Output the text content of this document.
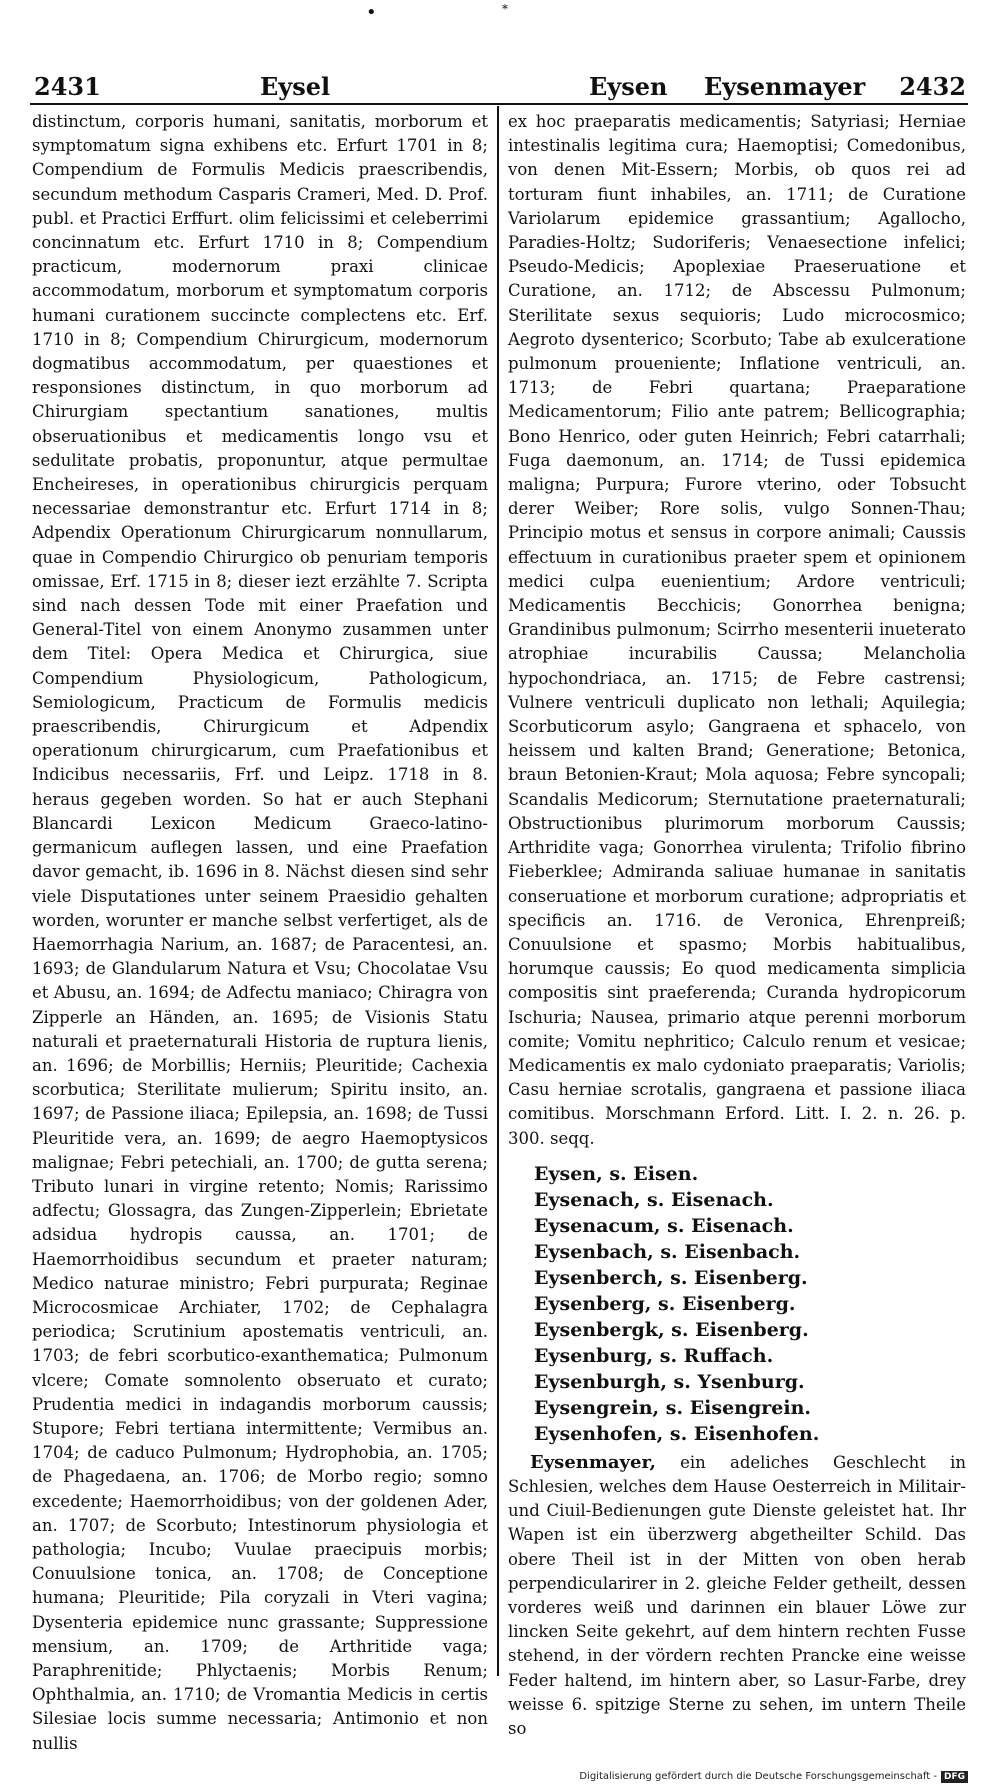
•	*
2431	Eysel	Eysen Eysenmayer 2432

distinctum, corporis humani, sanitatis, morborum et symptomatum signa exhibens etc. Erfurt 1701 in 8; Compendium de Formulis Medicis praescribendis, secundum methodum Casparis Crameri, Med. D. Prof. publ. et Practici Erffurt. olim felicissimi et celeberrimi concinnatum etc. Erfurt 1710 in 8; Compendium practicum, modernorum praxi clinicae accommodatum, morborum et symptomatum corporis humani curationem succincte complectens etc. Erf. 1710 in 8; Compendium Chirurgicum, modernorum dogmatibus accommodatum, per quaestiones et responsiones distinctum, in quo morborum ad Chirurgiam spectantium sanationes, multis obseruationibus et medicamentis longo vsu et sedulitate probatis, proponuntur, atque permultae Encheireses, in operationibus chirurgicis perquam necessariae demonstrantur etc. Erfurt 1714 in 8; Adpendix Operationum Chirurgicarum nonnullarum, quae in Compendio Chirurgico ob penuriam temporis omissae, Erf. 1715 in 8; dieser iezt erzählte 7. Scripta sind nach dessen Tode mit einer Praefation und General-Titel von einem Anonymo zusammen unter dem Titel: Opera Medica et Chirurgica, siue Compendium Physiologicum, Pathologicum, Semiologicum, Practicum de Formulis medicis praescribendis, Chirurgicum et Adpendix operationum chirurgicarum, cum Praefationibus et Indicibus necessariis, Frf. und Leipz. 1718 in 8. heraus gegeben worden. So hat er auch Stephani Blancardi Lexicon Medicum Graeco-latino-germanicum auflegen lassen, und eine Praefation davor gemacht, ib. 1696 in 8. Nächst diesen sind sehr viele Disputationes unter seinem Praesidio gehalten worden, worunter er manche selbst verfertiget, als de Haemorrhagia Narium, an. 1687; de Paracentesi, an. 1693; de Glandularum Natura et Vsu; Chocolatae Vsu et Abusu, an. 1694; de Adfectu maniaco; Chiragra von Zipperle an Händen, an. 1695; de Visionis Statu naturali et praeternaturali Historia de ruptura lienis, an. 1696; de Morbillis; Herniis; Pleuritide; Cachexia scorbutica; Sterilitate mulierum; Spiritu insito, an. 1697; de Passione iliaca; Epilepsia, an. 1698; de Tussi Pleuritide vera, an. 1699; de aegro Haemoptysicos malignae; Febri petechiali, an. 1700; de gutta serena; Tributo lunari in virgine retento; Nomis; Rarissimo adfectu; Glossagra, das Zungen-Zipperlein; Ebrietate adsidua hydropis caussa, an. 1701; de Haemorrhoidibus secundum et praeter naturam; Medico naturae ministro; Febri purpurata; Reginae Microcosmicae Archiater, 1702; de Cephalagra periodica; Scrutinium apostematis ventriculi, an. 1703; de febri scorbutico-exanthematica; Pulmonum vlcere; Comate somnolento obseruato et curato; Prudentia medici in indagandis morborum caussis; Stupore; Febri tertiana intermittente; Vermibus an. 1704; de caduco Pulmonum; Hydrophobia, an. 1705; de Phagedaena, an. 1706; de Morbo regio; somno excedente; Haemorrhoidibus; von der goldenen Ader, an. 1707; de Scorbuto; Intestinorum physiologia et pathologia; Incubo; Vuulae praecipuis morbis; Conuulsione tonica, an. 1708; de Conceptione humana; Pleuritide; Pila coryzali in Vteri vagina; Dysenteria epidemice nunc grassante; Suppressione mensium, an. 1709; de Arthritide vaga; Paraphrenitide; Phlyctaenis; Morbis Renum; Ophthalmia, an. 1710; de Vromantia Medicis in certis Silesiae locis summe necessaria; Antimonio et non nullis

ex hoc praeparatis medicamentis; Satyriasi; Herniae intestinalis legitima cura; Haemoptisi; Comedonibus, von denen Mit-Essern; Morbis, ob quos rei ad torturam fiunt inhabiles, an. 1711; de Curatione Variolarum epidemice grassantium; Agallocho, Paradies-Holtz; Sudoriferis; Venaesectione infelici; Pseudo-Medicis; Apoplexiae Praeseruatione et Curatione, an. 1712; de Abscessu Pulmonum; Sterilitate sexus sequioris; Ludo microcosmico; Aegroto dysenterico; Scorbuto; Tabe ab exulceratione pulmonum proueniente; Inflatione ventriculi, an. 1713; de Febri quartana; Praeparatione Medicamentorum; Filio ante patrem; Bellicographia; Bono Henrico, oder guten Heinrich; Febri catarrhali; Fuga daemonum, an. 1714; de Tussi epidemica maligna; Purpura; Furore vterino, oder Tobsucht derer Weiber; Rore solis, vulgo Sonnen-Thau; Principio motus et sensus in corpore animali; Caussis effectuum in curationibus praeter spem et opinionem medici culpa euenientium; Ardore ventriculi; Medicamentis Becchicis; Gonorrhea benigna; Grandinibus pulmonum; Scirrho mesenterii inueterato atrophiae incurabilis Caussa; Melancholia hypochondriaca, an. 1715; de Febre castrensi; Vulnere ventriculi duplicato non lethali; Aquilegia; Scorbuticorum asylo; Gangraena et sphacelo, von heissem und kalten Brand; Generatione; Betonica, braun Betonien-Kraut; Mola aquosa; Febre syncopali; Scandalis Medicorum; Sternutatione praeternaturali; Obstructionibus plurimorum morborum Caussis; Arthridite vaga; Gonorrhea virulenta; Trifolio fibrino Fieberklee; Admiranda saliuae humanae in sanitatis conseruatione et morborum curatione; adpropriatis et specificis an. 1716. de Veronica, Ehrenpreiß; Conuulsione et spasmo; Morbis habitualibus, horumque caussis; Eo quod medicamenta simplicia compositis sint praeferenda; Curanda hydropicorum Ischuria; Nausea, primario atque perenni morborum comite; Vomitu nephritico; Calculo renum et vesicae; Medicamentis ex malo cydoniato praeparatis; Variolis; Casu herniae scrotalis, gangraena et passione iliaca comitibus. Morschmann Erford. Litt. I. 2. n. 26. p. 300. seqq.

Eysen, s. Eisen.
Eysenach, s. Eisenach.
Eysenacum, s. Eisenach.
Eysenbach, s. Eisenbach.
Eysenberch, s. Eisenberg.
Eysenberg, s. Eisenberg.
Eysenbergk, s. Eisenberg.
Eysenburg, s. Ruffach.
Eysenburgh, s. Ysenburg.
Eysengrein, s. Eisengrein.
Eysenhofen, s. Eisenhofen.

Eysenmayer, ein adeliches Geschlecht in Schlesien, welches dem Hause Oesterreich in Militair- und Ciuil-Bedienungen gute Dienste geleistet hat. Ihr Wapen ist ein überzwerg abgetheilter Schild. Das obere Theil ist in der Mitten von oben herab perpendicularirer in 2. gleiche Felder getheilt, dessen vorderes weiß und darinnen ein blauer Löwe zur lincken Seite gekehrt, auf dem hintern rechten Fusse stehend, in der vördern rechten Prancke eine weisse Feder haltend, im hintern aber, so Lasur-Farbe, drey weisse 6. spitzige Sterne zu sehen, im untern Theile so

Digitalisierung gefördert durch die Deutsche Forschungsgemeinschaft - DFG
